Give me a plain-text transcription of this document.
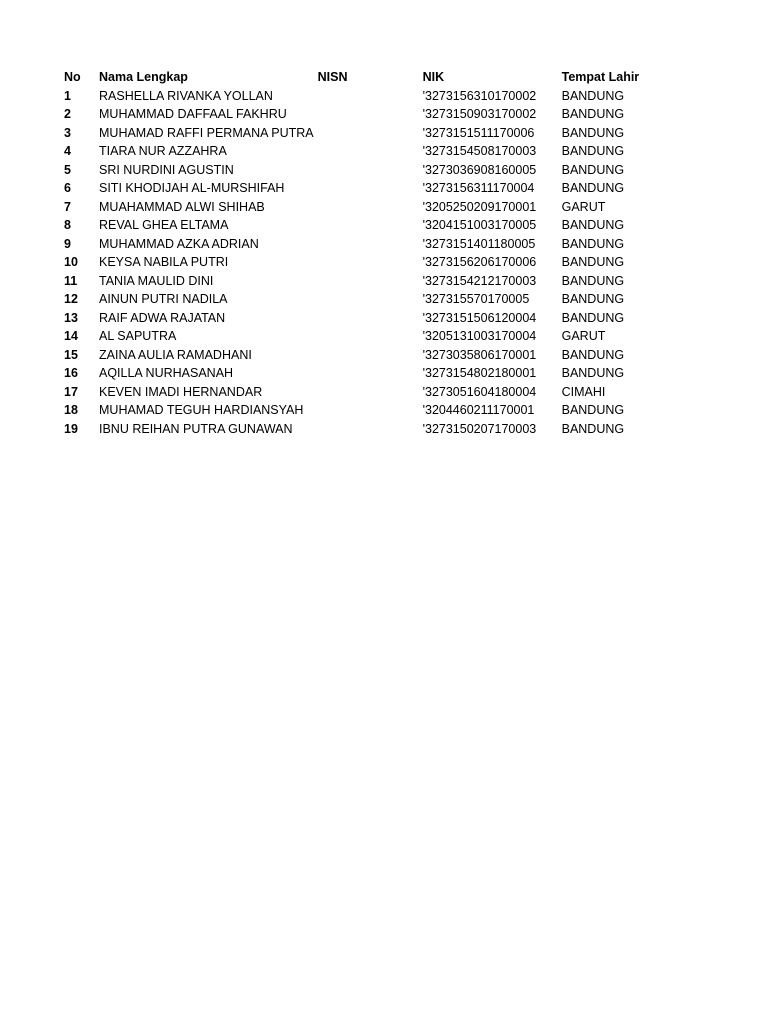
No	Nama Lengkap	NISN	NIK	Tempat Lahir
1	RASHELLA RIVANKA YOLLAN		'3273156310170002	BANDUNG
2	MUHAMMAD DAFFAAL FAKHRU		'3273150903170002	BANDUNG
3	MUHAMAD RAFFI PERMANA PUTRA		'3273151511170006	BANDUNG
4	TIARA NUR AZZAHRA		'3273154508170003	BANDUNG
5	SRI NURDINI AGUSTIN		'3273036908160005	BANDUNG
6	SITI KHODIJAH AL-MURSHIFAH		'3273156311170004	BANDUNG
7	MUAHAMMAD ALWI SHIHAB		'3205250209170001	GARUT
8	REVAL GHEA ELTAMA		'3204151003170005	BANDUNG
9	MUHAMMAD AZKA ADRIAN		'3273151401180005	BANDUNG
10	KEYSA NABILA PUTRI		'3273156206170006	BANDUNG
11	TANIA MAULID DINI		'3273154212170003	BANDUNG
12	AINUN PUTRI NADILA		'327315570170005	BANDUNG
13	RAIF ADWA RAJATAN		'3273151506120004	BANDUNG
14	AL SAPUTRA		'3205131003170004	GARUT
15	ZAINA AULIA RAMADHANI		'3273035806170001	BANDUNG
16	AQILLA NURHASANAH		'3273154802180001	BANDUNG
17	KEVEN IMADI HERNANDAR		'3273051604180004	CIMAHI
18	MUHAMAD TEGUH HARDIANSYAH		'3204460211170001	BANDUNG
19	IBNU REIHAN PUTRA GUNAWAN		'3273150207170003	BANDUNG
